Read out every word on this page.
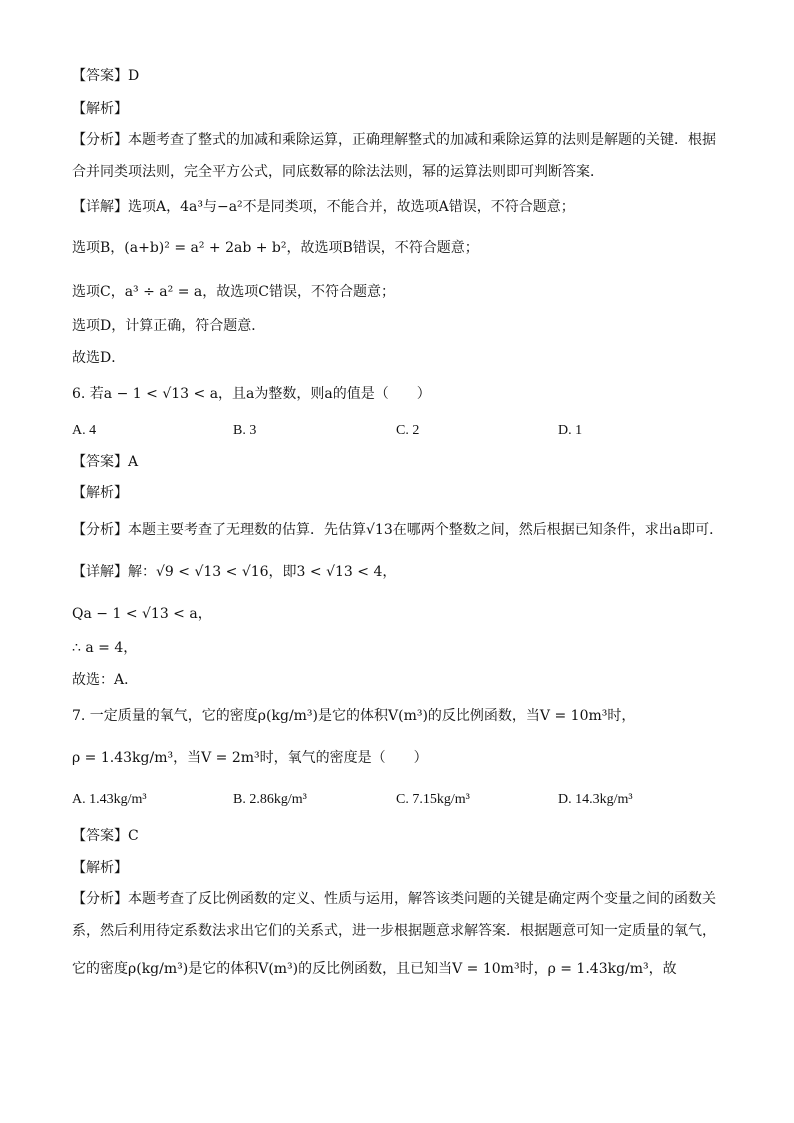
【答案】D
【解析】
【分析】本题考查了整式的加减和乘除运算，正确理解整式的加减和乘除运算的法则是解题的关键．根据
合并同类项法则，完全平方公式，同底数幂的除法法则，幂的运算法则即可判断答案．
【详解】选项A，4a³与−a²不是同类项，不能合并，故选项A错误，不符合题意；
选项B，(a+b)² = a² + 2ab + b²，故选项B错误，不符合题意；
选项C，a³ ÷ a² = a，故选项C错误，不符合题意；
选项D，计算正确，符合题意．
故选D．
6. 若a − 1 < √13 < a，且a为整数，则a的值是（　　）
A. 4	B. 3	C. 2	D. 1
【答案】A
【解析】
【分析】本题主要考查了无理数的估算．先估算√13在哪两个整数之间，然后根据已知条件，求出a即可．
【详解】解：√9 < √13 < √16，即3 < √13 < 4，
Qa − 1 < √13 < a，
∴ a = 4，
故选：A．
7. 一定质量的氧气，它的密度ρ(kg/m³)是它的体积V(m³)的反比例函数，当V = 10m³时，
ρ = 1.43kg/m³，当V = 2m³时，氧气的密度是（　　）
A. 1.43kg/m³	B. 2.86kg/m³	C. 7.15kg/m³	D. 14.3kg/m³
【答案】C
【解析】
【分析】本题考查了反比例函数的定义、性质与运用，解答该类问题的关键是确定两个变量之间的函数关
系，然后利用待定系数法求出它们的关系式，进一步根据题意求解答案．根据题意可知一定质量的氧气，
它的密度ρ(kg/m³)是它的体积V(m³)的反比例函数，且已知当V = 10m³时，ρ = 1.43kg/m³，故
